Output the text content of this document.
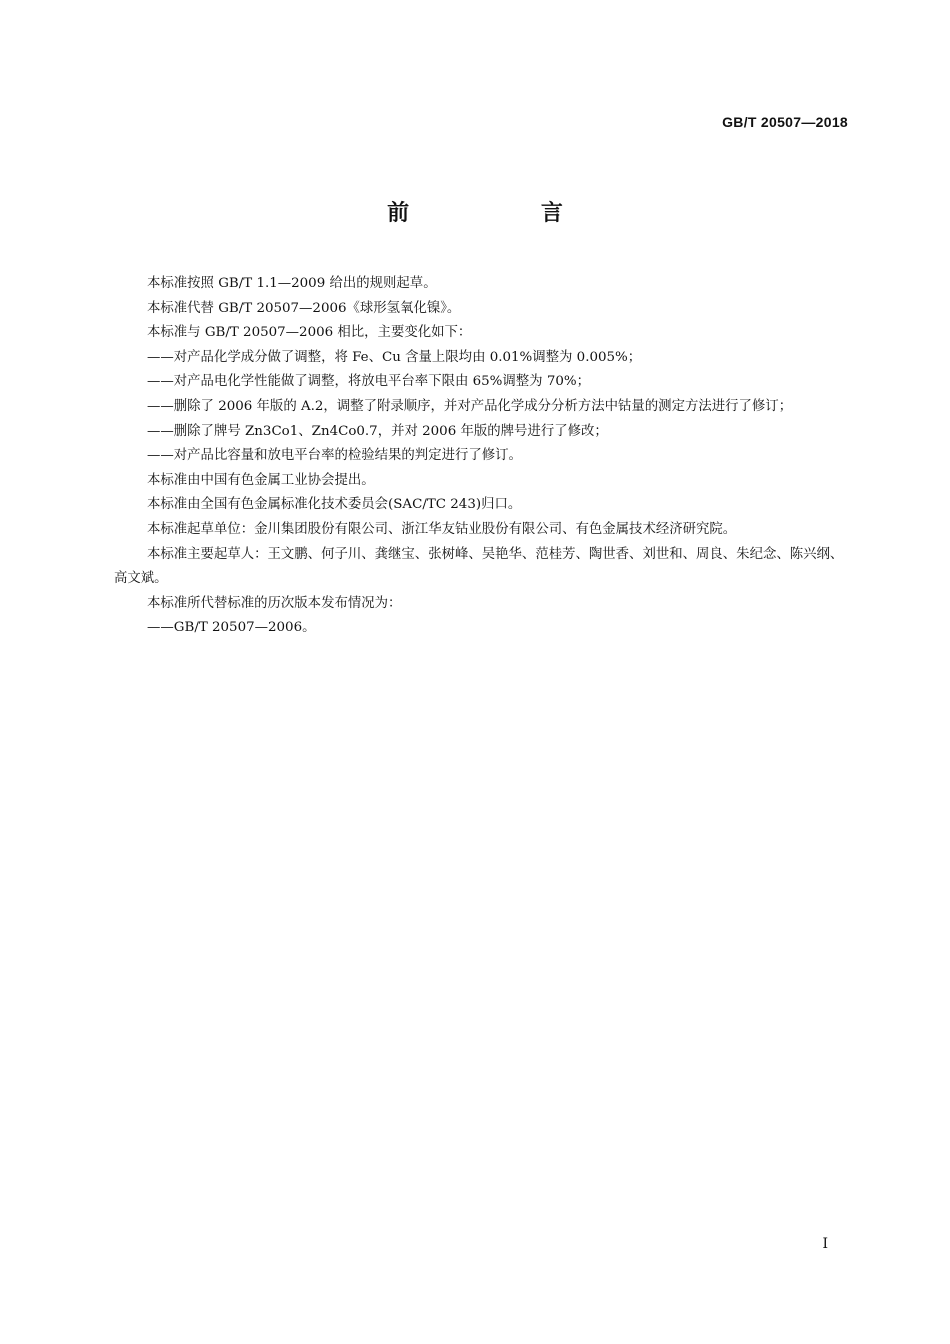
GB/T 20507—2018
前 言

本标准按照 GB/T 1.1—2009 给出的规则起草。

本标准代替 GB/T 20507—2006《球形氢氧化镍》。

本标准与 GB/T 20507—2006 相比，主要变化如下：

——对产品化学成分做了调整，将 Fe、Cu 含量上限均由 0.01%调整为 0.005%；

——对产品电化学性能做了调整，将放电平台率下限由 65%调整为 70%；

——删除了 2006 年版的 A.2，调整了附录顺序，并对产品化学成分分析方法中钴量的测定方法进行了修订；

——删除了牌号 Zn3Co1、Zn4Co0.7，并对 2006 年版的牌号进行了修改；

——对产品比容量和放电平台率的检验结果的判定进行了修订。

本标准由中国有色金属工业协会提出。

本标准由全国有色金属标准化技术委员会(SAC/TC 243)归口。

本标准起草单位：金川集团股份有限公司、浙江华友钴业股份有限公司、有色金属技术经济研究院。

本标准主要起草人：王文鹏、何子川、龚继宝、张树峰、吴艳华、范桂芳、陶世香、刘世和、周良、朱纪念、陈兴纲、高文斌。

本标准所代替标准的历次版本发布情况为：

——GB/T 20507—2006。

I
